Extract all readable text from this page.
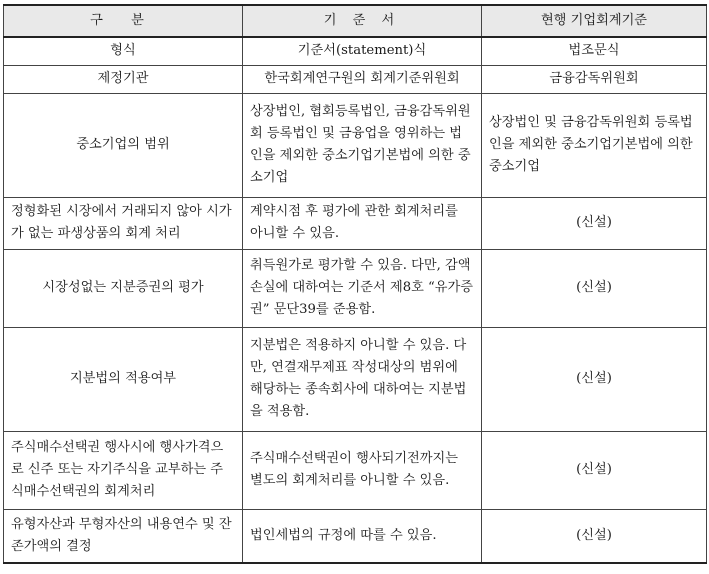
구 분	기 준 서	현행 기업회계기준
형식	기준서(statement)식	법조문식
제정기관	한국회계연구원의 회계기준위원회	금융감독위원회
중소기업의 범위	상장법인, 협회등록법인, 금융감독위원회 등록법인 및 금융업을 영위하는 법인을 제외한 중소기업기본법에 의한 중소기업	상장법인 및 금융감독위원회 등록법인을 제외한 중소기업기본법에 의한 중소기업
정형화된 시장에서 거래되지 않아 시가가 없는 파생상품의 회계 처리	계약시점 후 평가에 관한 회계처리를 아니할 수 있음.	(신설)
시장성없는 지분증권의 평가	취득원가로 평가할 수 있음. 다만, 감액손실에 대하여는 기준서 제8호 “유가증권” 문단39를 준용함.	(신설)
지분법의 적용여부	지분법은 적용하지 아니할 수 있음. 다만, 연결재무제표 작성대상의 범위에 해당하는 종속회사에 대하여는 지분법을 적용함.	(신설)
주식매수선택권 행사시에 행사가격으로 신주 또는 자기주식을 교부하는 주식매수선택권의 회계처리	주식매수선택권이 행사되기전까지는 별도의 회계처리를 아니할 수 있음.	(신설)
유형자산과 무형자산의 내용연수 및 잔존가액의 결정	법인세법의 규정에 따를 수 있음.	(신설)
